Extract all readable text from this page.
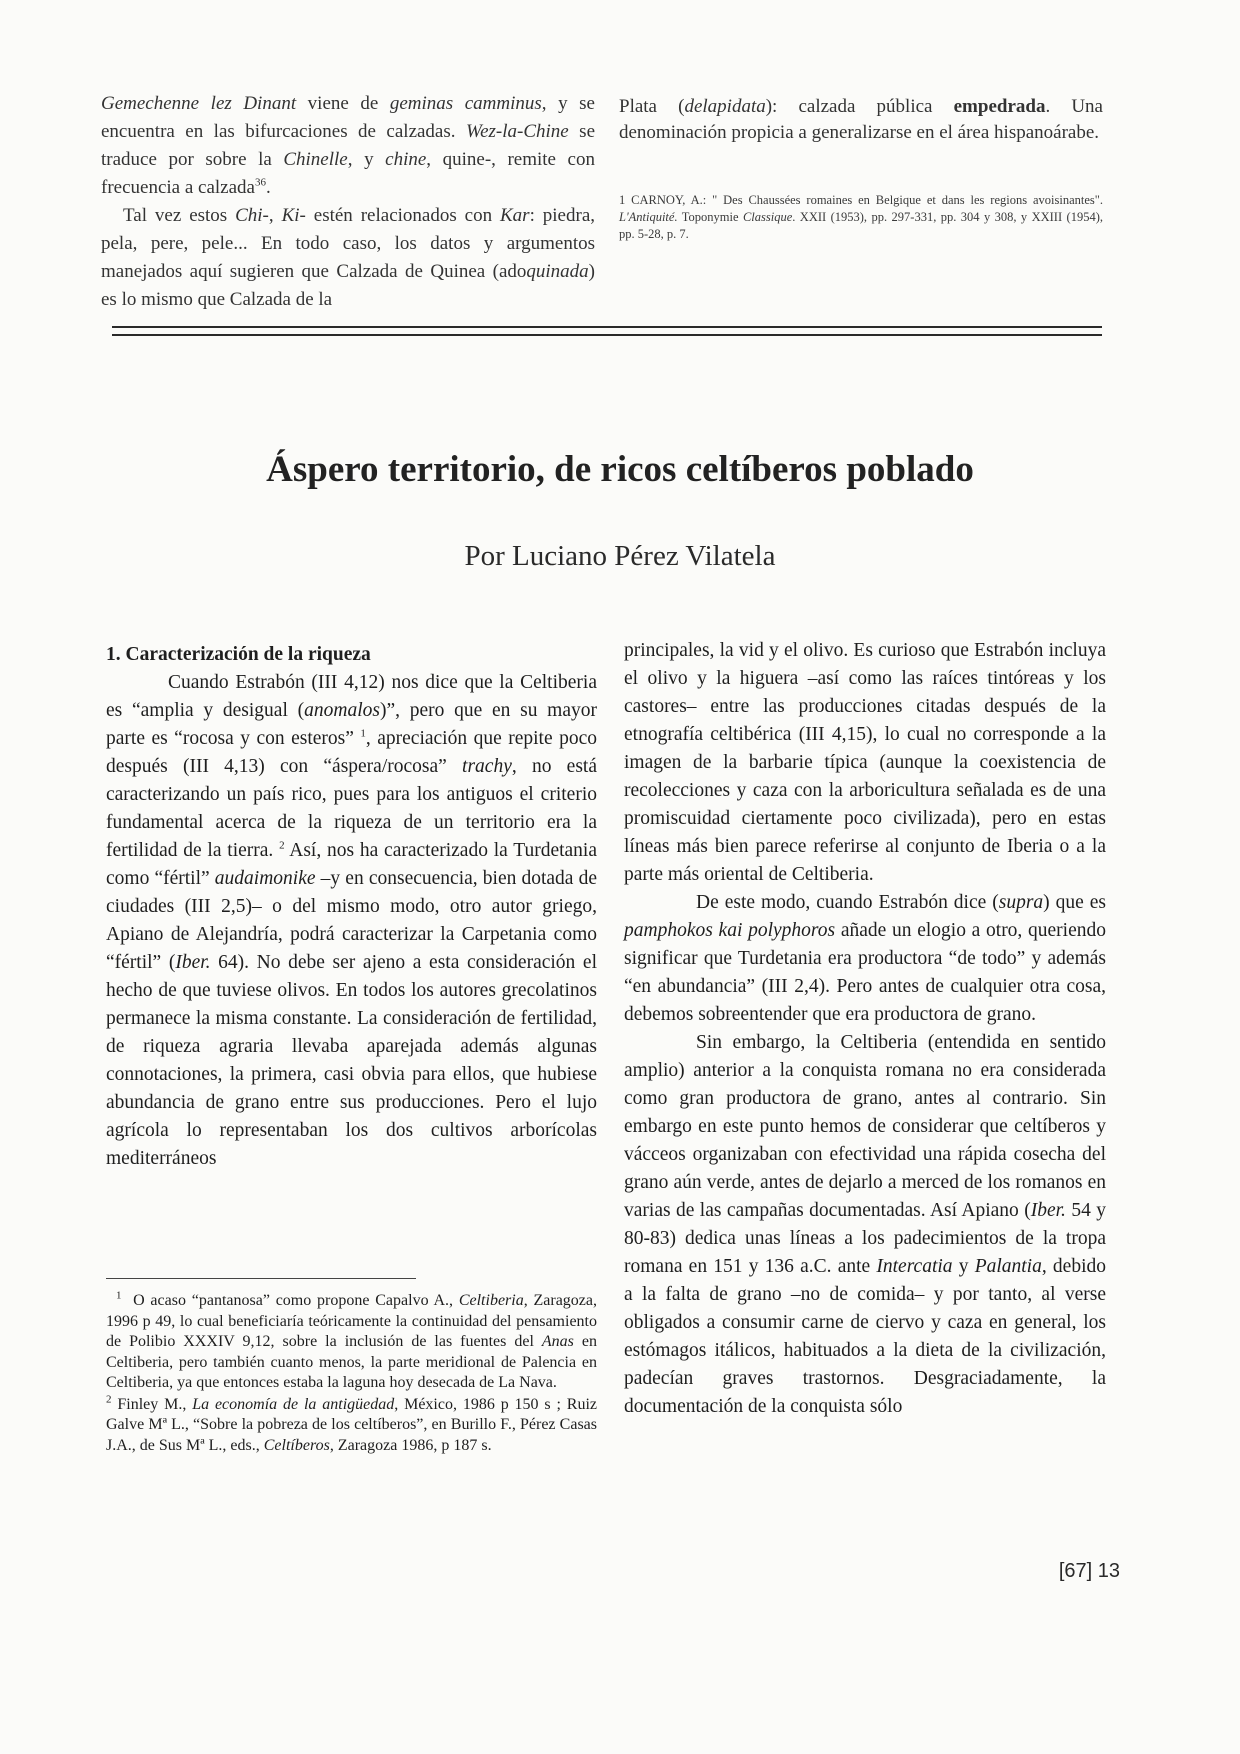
Gemechenne lez Dinant viene de geminas camminus, y se encuentra en las bifurcaciones de calzadas. Wez-la-Chine se traduce por sobre la Chinelle, y chine, quine-, remite con frecuencia a calzada$^{36}$.

Tal vez estos Chi-, Ki- estén relacionados con Kar: piedra, pela, pere, pele... En todo caso, los datos y argumentos manejados aquí sugieren que Calzada de Quinea (adoquinada) es lo mismo que Calzada de la

Plata (delapidata): calzada pública empedrada. Una denominación propicia a generalizarse en el área hispanoárabe.

1 CARNOY, A.: " Des Chaussées romaines en Belgique et dans les regions avoisinantes". L'Antiquité. Toponymie Classique. XXII (1953), pp. 297-331, pp. 304 y 308, y XXIII (1954), pp. 5-28, p. 7.

Áspero territorio, de ricos celtíberos poblado
Por Luciano Pérez Vilatela

1. Caracterización de la riqueza

Cuando Estrabón (III 4,12) nos dice que la Celtiberia es “amplia y desigual (anomalos)”, pero que en su mayor parte es “rocosa y con esteros” $^1$, apreciación que repite poco después (III 4,13) con “áspera/rocosa” trachy, no está caracterizando un país rico, pues para los antiguos el criterio fundamental acerca de la riqueza de un territorio era la fertilidad de la tierra. $^2$ Así, nos ha caracterizado la Turdetania como “fértil” audaimonike –y en consecuencia, bien dotada de ciudades (III 2,5)– o del mismo modo, otro autor griego, Apiano de Alejandría, podrá caracterizar la Carpetania como “fértil” (Iber. 64). No debe ser ajeno a esta consideración el hecho de que tuviese olivos. En todos los autores grecolatinos permanece la misma constante. La consideración de fertilidad, de riqueza agraria llevaba aparejada además algunas connotaciones, la primera, casi obvia para ellos, que hubiese abundancia de grano entre sus producciones. Pero el lujo agrícola lo representaban los dos cultivos arborícolas mediterráneos

$^1$ O acaso “pantanosa” como propone Capalvo A., Celtiberia, Zaragoza, 1996 p 49, lo cual beneficiaría teóricamente la continuidad del pensamiento de Polibio XXXIV 9,12, sobre la inclusión de las fuentes del Anas en Celtiberia, pero también cuanto menos, la parte meridional de Palencia en Celtiberia, ya que entonces estaba la laguna hoy desecada de La Nava.

$^2$ Finley M., La economía de la antigüedad, México, 1986 p 150 s ; Ruiz Galve Mª L., “Sobre la pobreza de los celtíberos”, en Burillo F., Pérez Casas J.A., de Sus Mª L., eds., Celtíberos, Zaragoza 1986, p 187 s.

principales, la vid y el olivo. Es curioso que Estrabón incluya el olivo y la higuera –así como las raíces tintóreas y los castores– entre las producciones citadas después de la etnografía celtibérica (III 4,15), lo cual no corresponde a la imagen de la barbarie típica (aunque la coexistencia de recolecciones y caza con la arboricultura señalada es de una promiscuidad ciertamente poco civilizada), pero en estas líneas más bien parece referirse al conjunto de Iberia o a la parte más oriental de Celtiberia.

De este modo, cuando Estrabón dice (supra) que es pamphokos kai polyphoros añade un elogio a otro, queriendo significar que Turdetania era productora “de todo” y además “en abundancia” (III 2,4). Pero antes de cualquier otra cosa, debemos sobreentender que era productora de grano.

Sin embargo, la Celtiberia (entendida en sentido amplio) anterior a la conquista romana no era considerada como gran productora de grano, antes al contrario. Sin embargo en este punto hemos de considerar que celtíberos y vácceos organizaban con efectividad una rápida cosecha del grano aún verde, antes de dejarlo a merced de los romanos en varias de las campañas documentadas. Así Apiano (Iber. 54 y 80-83) dedica unas líneas a los padecimientos de la tropa romana en 151 y 136 a.C. ante Intercatia y Palantia, debido a la falta de grano –no de comida– y por tanto, al verse obligados a consumir carne de ciervo y caza en general, los estómagos itálicos, habituados a la dieta de la civilización, padecían graves trastornos. Desgraciadamente, la documentación de la conquista sólo

[67] 13
